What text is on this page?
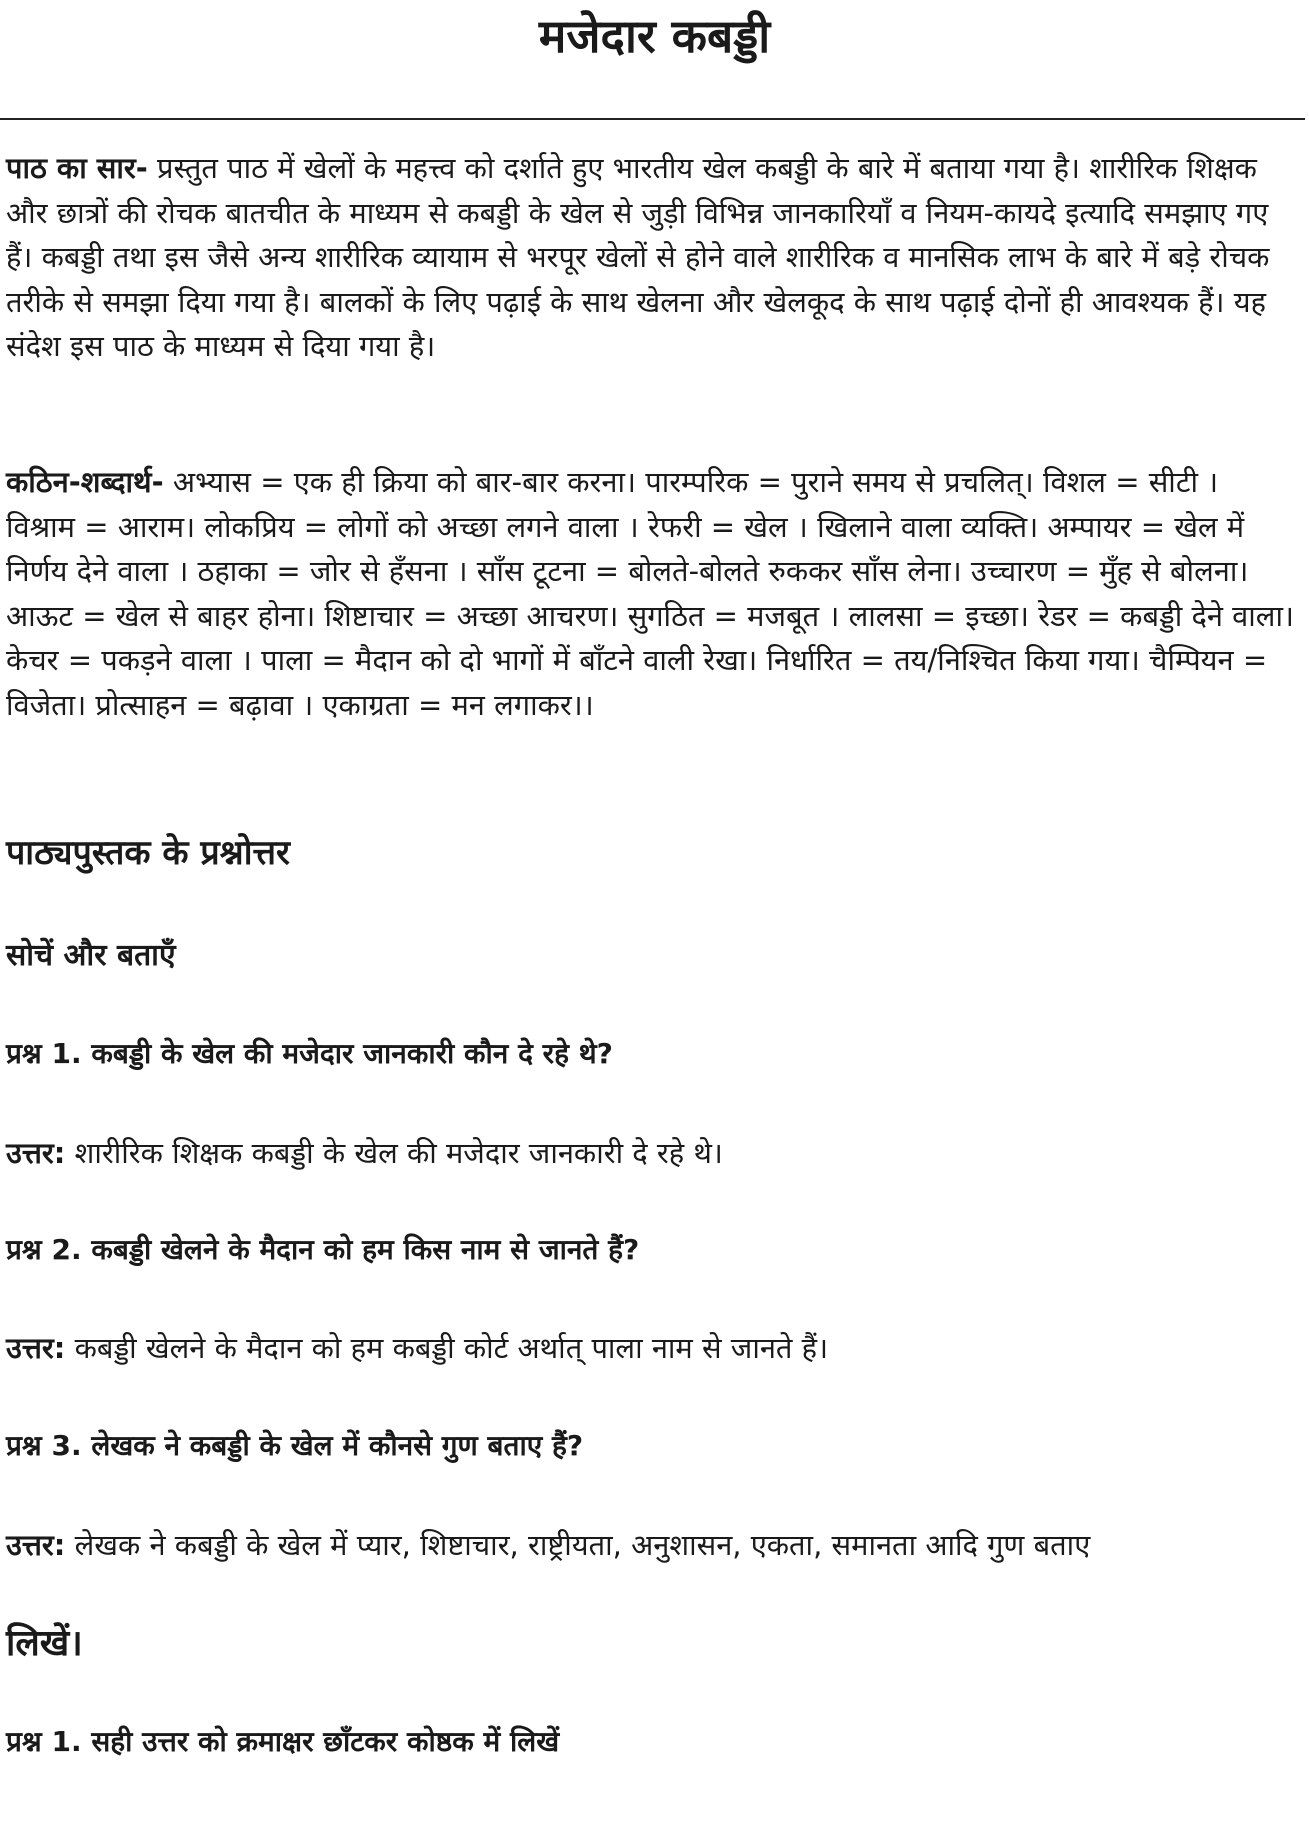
मजेदार कबड्डी

पाठ का सार- प्रस्तुत पाठ में खेलों के महत्त्व को दर्शाते हुए भारतीय खेल कबड्डी के बारे में बताया गया है। शारीरिक शिक्षक और छात्रों की रोचक बातचीत के माध्यम से कबड्डी के खेल से जुड़ी विभिन्न जानकारियाँ व नियम-कायदे इत्यादि समझाए गए हैं। कबड्डी तथा इस जैसे अन्य शारीरिक व्यायाम से भरपूर खेलों से होने वाले शारीरिक व मानसिक लाभ के बारे में बड़े रोचक तरीके से समझा दिया गया है। बालकों के लिए पढ़ाई के साथ खेलना और खेलकूद के साथ पढ़ाई दोनों ही आवश्यक हैं। यह संदेश इस पाठ के माध्यम से दिया गया है।

कठिन-शब्दार्थ- अभ्यास = एक ही क्रिया को बार-बार करना। पारम्परिक = पुराने समय से प्रचलित्। विशल = सीटी । विश्राम = आराम। लोकप्रिय = लोगों को अच्छा लगने वाला । रेफरी = खेल । खिलाने वाला व्यक्ति। अम्पायर = खेल में निर्णय देने वाला । ठहाका = जोर से हँसना । साँस टूटना = बोलते-बोलते रुककर साँस लेना। उच्चारण = मुँह से बोलना। आऊट = खेल से बाहर होना। शिष्टाचार = अच्छा आचरण। सुगठित = मजबूत । लालसा = इच्छा। रेडर = कबड्डी देने वाला। केचर = पकड़ने वाला । पाला = मैदान को दो भागों में बाँटने वाली रेखा। निर्धारित = तय/निश्चित किया गया। चैम्पियन = विजेता। प्रोत्साहन = बढ़ावा । एकाग्रता = मन लगाकर।।

पाठ्यपुस्तक के प्रश्नोत्तर
सोचें और बताएँ

प्रश्न 1. कबड्डी के खेल की मजेदार जानकारी कौन दे रहे थे?

उत्तर: शारीरिक शिक्षक कबड्डी के खेल की मजेदार जानकारी दे रहे थे।

प्रश्न 2. कबड्डी खेलने के मैदान को हम किस नाम से जानते हैं?

उत्तर: कबड्डी खेलने के मैदान को हम कबड्डी कोर्ट अर्थात् पाला नाम से जानते हैं।

प्रश्न 3. लेखक ने कबड्डी के खेल में कौनसे गुण बताए हैं?

उत्तर: लेखक ने कबड्डी के खेल में प्यार, शिष्टाचार, राष्ट्रीयता, अनुशासन, एकता, समानता आदि गुण बताए

लिखें।

प्रश्न 1. सही उत्तर को क्रमाक्षर छाँटकर कोष्ठक में लिखें
